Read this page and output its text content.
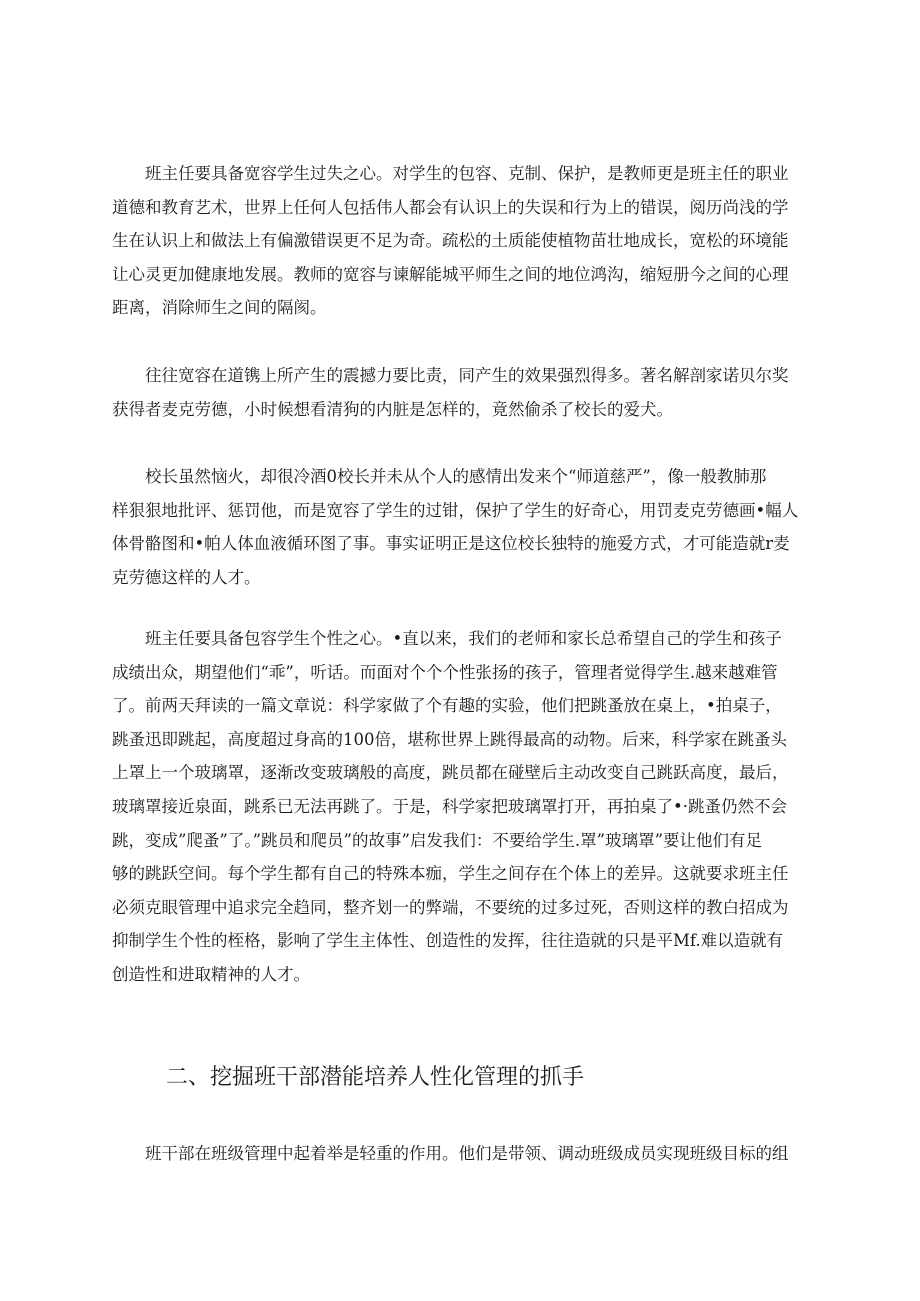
班主任要具备宽容学生过失之心。对学生的包容、克制、保护，是教师更是班主任的职业
道德和教育艺术，世界上任何人包括伟人都会有认识上的失误和行为上的错误，阅历尚浅的学
生在认识上和做法上有偏激错误更不足为奇。疏松的土质能使植物苗壮地成长，宽松的环境能
让心灵更加健康地发展。教师的宽容与谏解能城平师生之间的地位鸿沟，缩短册今之间的心理
距离，消除师生之间的隔阂。

往往宽容在道镌上所产生的震撼力要比责，同产生的效果强烈得多。著名解剖家诺贝尔奖
获得者麦克劳德，小时候想看清狗的内脏是怎样的，竟然偷杀了校长的爱犬。

校长虽然恼火，却很冷酒0校长并未从个人的感情出发来个“师道慈严”，像一般教肺那
样狠狠地批评、惩罚他，而是宽容了学生的过钳，保护了学生的好奇心，用罚麦克劳德画•幅人
体骨骼图和•帕人体血液循环图了事。事实证明正是这位校长独特的施爱方式，才可能造就r麦
克劳德这样的人才。

班主任要具备包容学生个性之心。•直以来，我们的老师和家长总希望自己的学生和孩子
成绩出众，期望他们“乖”，听话。而面对个个个性张扬的孩子，管理者觉得学生.越来越难管
了。前两天拜读的一篇文章说：科学家做了个有趣的实验，他们把跳蚤放在桌上，•拍桌子，
跳蚤迅即跳起，高度超过身高的100倍，堪称世界上跳得最高的动物。后来，科学家在跳蚤头
上罩上一个玻璃罩，逐渐改变玻璃般的高度，跳员都在碰壁后主动改变自己跳跃高度，最后，
玻璃罩接近泉面，跳系已无法再跳了。于是，科学家把玻璃罩打开，再拍桌了•·跳蚤仍然不会
跳，变成”爬蚤”了。”跳员和爬员”的故事”启发我们：不要给学生.罩”玻璃罩”要让他们有足
够的跳跃空间。每个学生都有自己的特殊本痂，学生之间存在个体上的差异。这就要求班主任
必须克眼管理中追求完全趋同，整齐划一的弊端，不要统的过多过死，否则这样的教白招成为
抑制学生个性的桎格，影响了学生主体性、创造性的发挥，往往造就的只是平Mf.难以造就有
创造性和进取精神的人才。

二、挖掘班干部潜能培养人性化管理的抓手

班干部在班级管理中起着举是轻重的作用。他们是带领、调动班级成员实现班级目标的组
